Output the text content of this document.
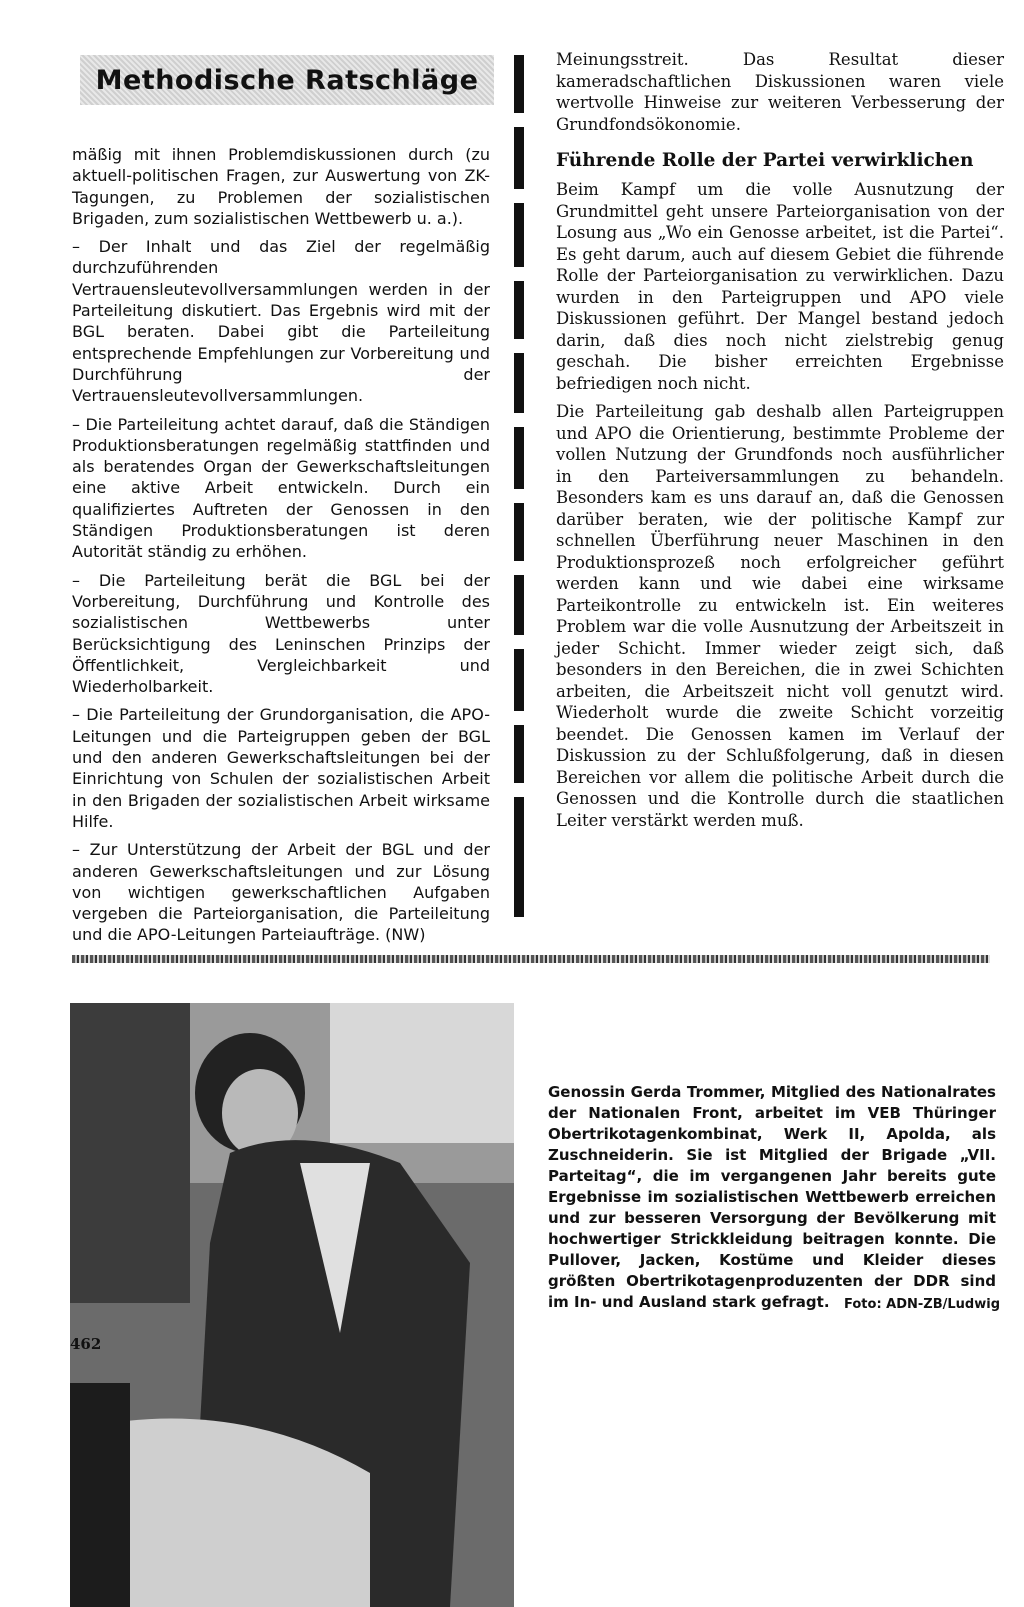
Methodische Ratschläge

mäßig mit ihnen Problemdiskussionen durch (zu aktuell-politischen Fragen, zur Auswertung von ZK-Tagungen, zu Problemen der sozialistischen Brigaden, zum sozialistischen Wettbewerb u. a.).

– Der Inhalt und das Ziel der regelmäßig durchzuführenden Vertrauensleutevollversammlungen werden in der Parteileitung diskutiert. Das Ergebnis wird mit der BGL beraten. Dabei gibt die Parteileitung entsprechende Empfehlungen zur Vorbereitung und Durchführung der Vertrauensleutevollversammlungen.

– Die Parteileitung achtet darauf, daß die Ständigen Produktionsberatungen regelmäßig stattfinden und als beratendes Organ der Gewerkschaftsleitungen eine aktive Arbeit entwickeln. Durch ein qualifiziertes Auftreten der Genossen in den Ständigen Produktionsberatungen ist deren Autorität ständig zu erhöhen.

– Die Parteileitung berät die BGL bei der Vorbereitung, Durchführung und Kontrolle des sozialistischen Wettbewerbs unter Berücksichtigung des Leninschen Prinzips der Öffentlichkeit, Vergleichbarkeit und Wiederholbarkeit.

– Die Parteileitung der Grundorganisation, die APO-Leitungen und die Parteigruppen geben der BGL und den anderen Gewerkschaftsleitungen bei der Einrichtung von Schulen der sozialistischen Arbeit in den Brigaden der sozialistischen Arbeit wirksame Hilfe.

– Zur Unterstützung der Arbeit der BGL und der anderen Gewerkschaftsleitungen und zur Lösung von wichtigen gewerkschaftlichen Aufgaben vergeben die Parteiorganisation, die Parteileitung und die APO-Leitungen Parteiaufträge. (NW)

Meinungsstreit. Das Resultat dieser kameradschaftlichen Diskussionen waren viele wertvolle Hinweise zur weiteren Verbesserung der Grundfondsökonomie.

Führende Rolle der Partei verwirklichen

Beim Kampf um die volle Ausnutzung der Grundmittel geht unsere Parteiorganisation von der Losung aus „Wo ein Genosse arbeitet, ist die Partei“. Es geht darum, auch auf diesem Gebiet die führende Rolle der Parteiorganisation zu verwirklichen. Dazu wurden in den Parteigruppen und APO viele Diskussionen geführt. Der Mangel bestand jedoch darin, daß dies noch nicht zielstrebig genug geschah. Die bisher erreichten Ergebnisse befriedigen noch nicht.

Die Parteileitung gab deshalb allen Parteigruppen und APO die Orientierung, bestimmte Probleme der vollen Nutzung der Grundfonds noch ausführlicher in den Parteiversammlungen zu behandeln. Besonders kam es uns darauf an, daß die Genossen darüber beraten, wie der politische Kampf zur schnellen Überführung neuer Maschinen in den Produktionsprozeß noch erfolgreicher geführt werden kann und wie dabei eine wirksame Parteikontrolle zu entwickeln ist. Ein weiteres Problem war die volle Ausnutzung der Arbeitszeit in jeder Schicht. Immer wieder zeigt sich, daß besonders in den Bereichen, die in zwei Schichten arbeiten, die Arbeitszeit nicht voll genutzt wird. Wiederholt wurde die zweite Schicht vorzeitig beendet. Die Genossen kamen im Verlauf der Diskussion zu der Schlußfolgerung, daß in diesen Bereichen vor allem die politische Arbeit durch die Genossen und die Kontrolle durch die staatlichen Leiter verstärkt werden muß.

Genossin Gerda Trommer, Mitglied des Nationalrates der Nationalen Front, arbeitet im VEB Thüringer Obertrikotagenkombinat, Werk II, Apolda, als Zuschneiderin. Sie ist Mitglied der Brigade „VII. Parteitag“, die im vergangenen Jahr bereits gute Ergebnisse im sozialistischen Wettbewerb erreichen und zur besseren Versorgung der Bevölkerung mit hochwertiger Strickkleidung beitragen konnte. Die Pullover, Jacken, Kostüme und Kleider dieses größten Obertrikotagenproduzenten der DDR sind im In- und Ausland stark gefragt.	Foto: ADN-ZB/Ludwig
462
